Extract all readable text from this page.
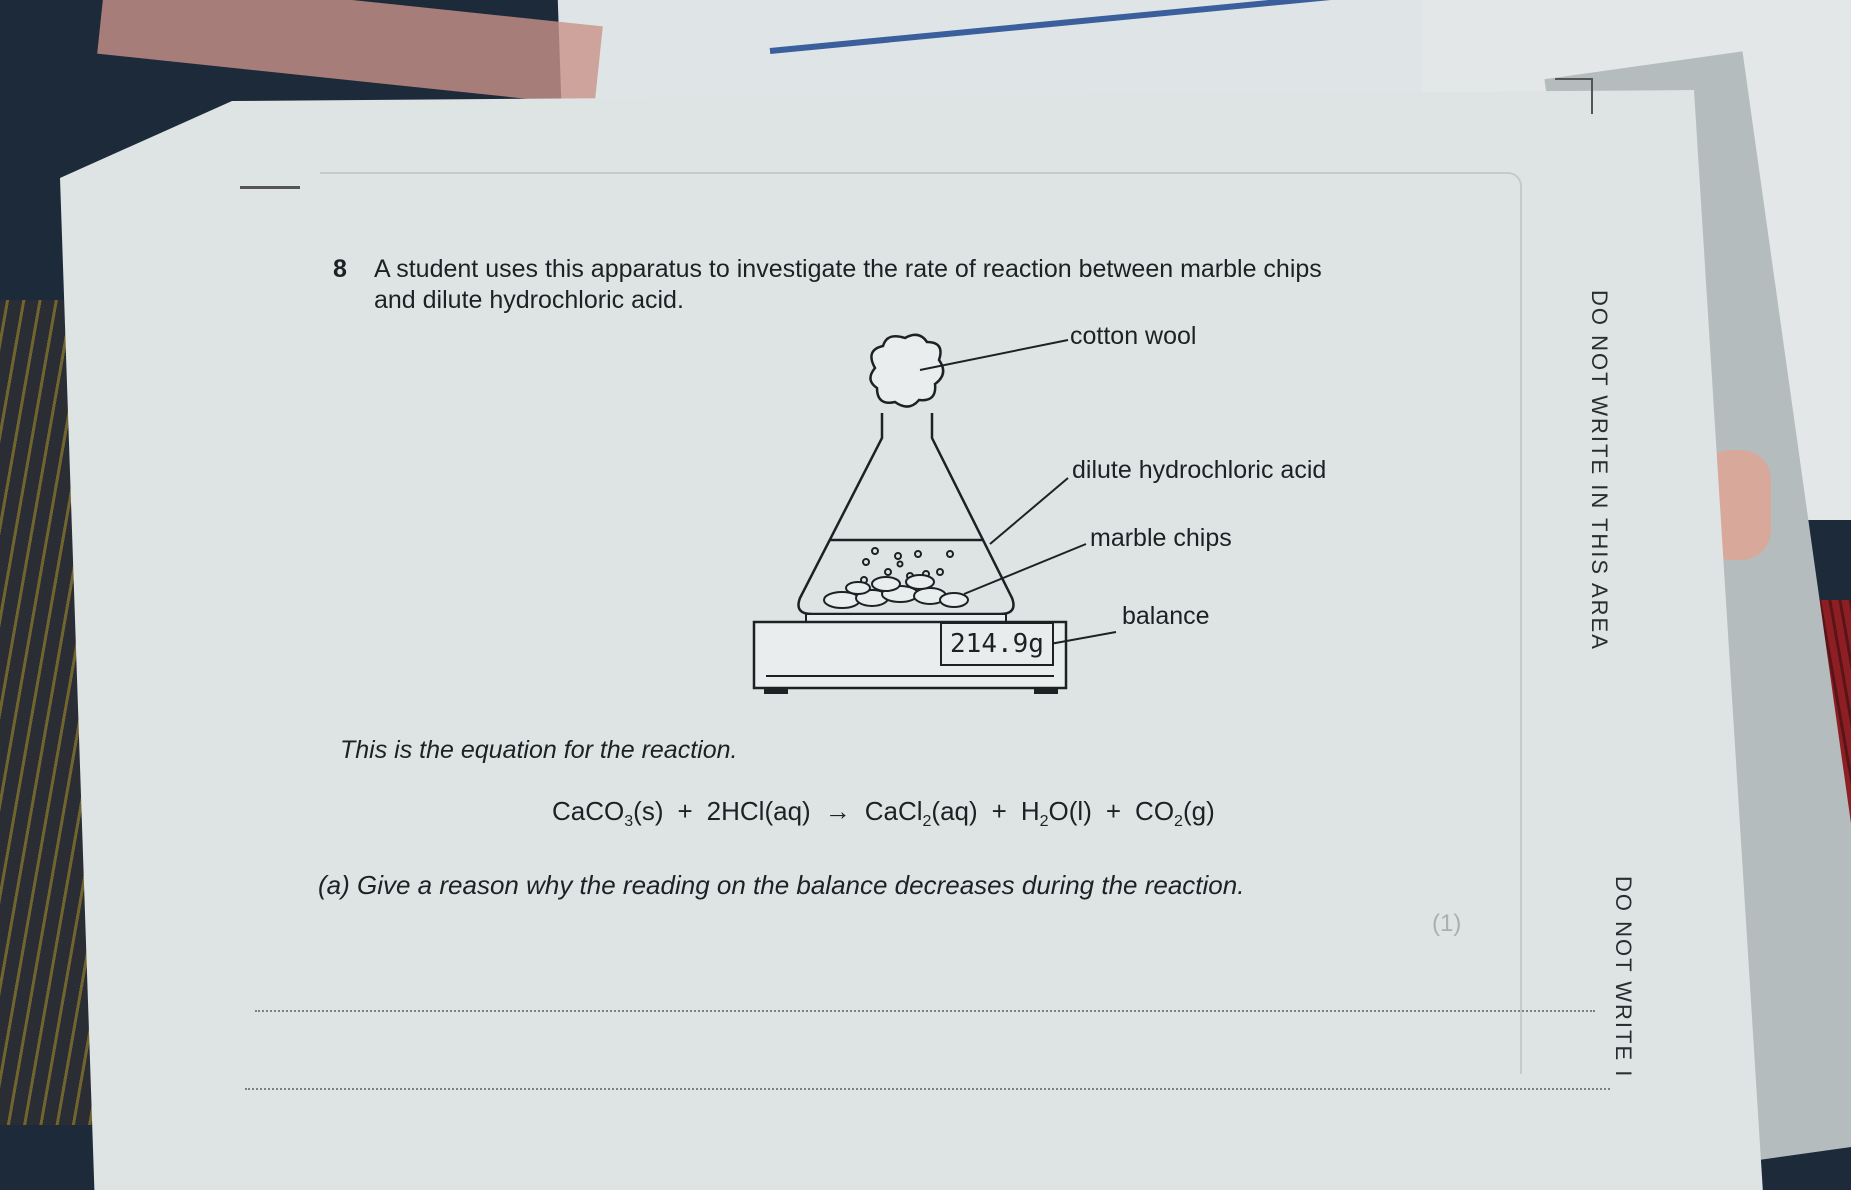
8 A student uses this apparatus to investigate the rate of reaction between marble chips
and dilute hydrochloric acid.
214.9g
cotton wool
dilute hydrochloric acid
marble chips
balance
This is the equation for the reaction.
CaCO$_3$(s) + 2HCl(aq) → CaCl$_2$(aq) + $H_2O(l) + CO_2(g)$
(a) Give a reason why the reading on the balance decreases during the reaction.
(1)
DO NOT WRITE IN THIS AREA
DO NOT WRITE I
